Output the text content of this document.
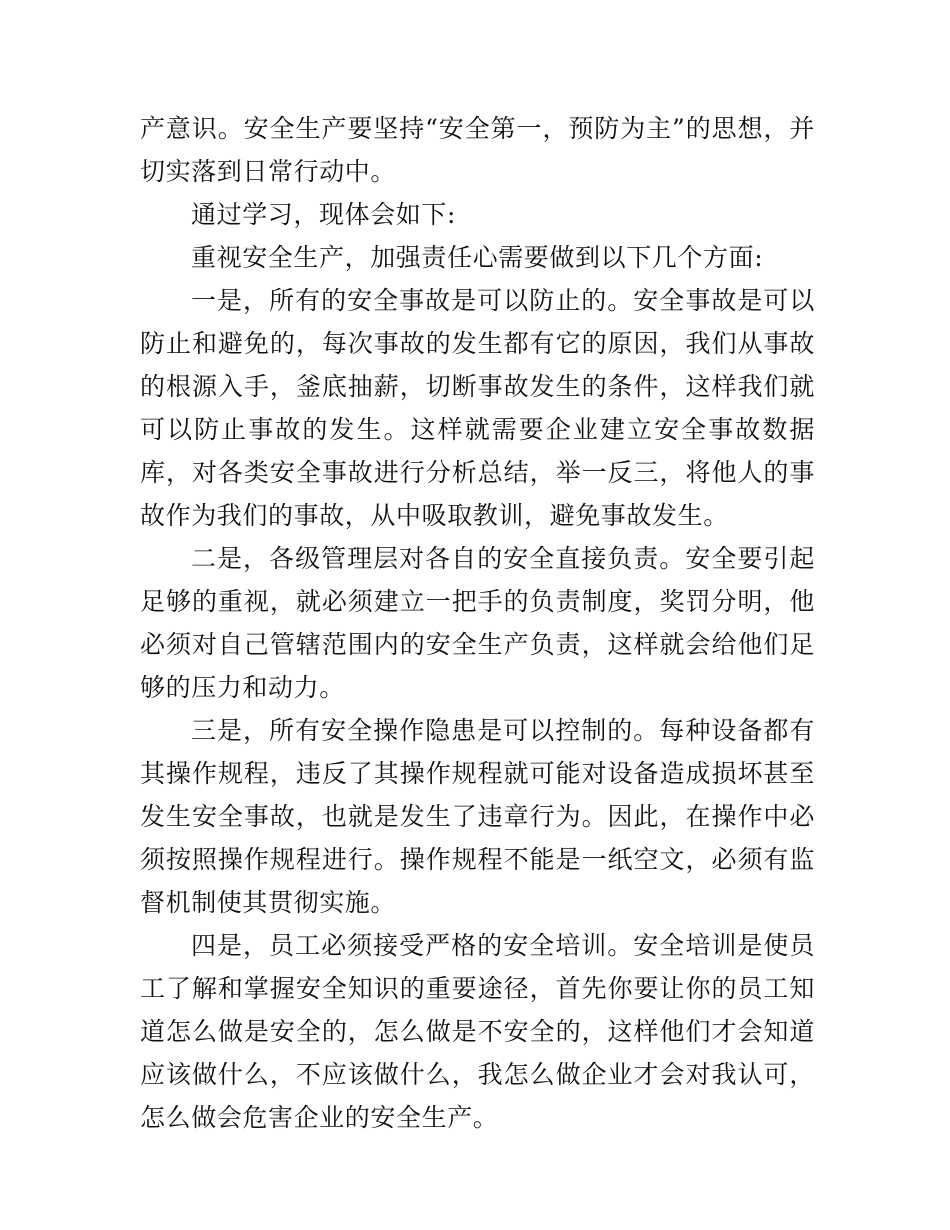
产意识。安全生产要坚持“安全第一，预防为主”的思想，并切实落到日常行动中。

通过学习，现体会如下:

重视安全生产，加强责任心需要做到以下几个方面:

一是，所有的安全事故是可以防止的。安全事故是可以防止和避免的，每次事故的发生都有它的原因，我们从事故的根源入手，釜底抽薪，切断事故发生的条件，这样我们就可以防止事故的发生。这样就需要企业建立安全事故数据库，对各类安全事故进行分析总结，举一反三，将他人的事故作为我们的事故，从中吸取教训，避免事故发生。

二是，各级管理层对各自的安全直接负责。安全要引起足够的重视，就必须建立一把手的负责制度，奖罚分明，他必须对自己管辖范围内的安全生产负责，这样就会给他们足够的压力和动力。

三是，所有安全操作隐患是可以控制的。每种设备都有其操作规程，违反了其操作规程就可能对设备造成损坏甚至发生安全事故，也就是发生了违章行为。因此，在操作中必须按照操作规程进行。操作规程不能是一纸空文，必须有监督机制使其贯彻实施。

四是，员工必须接受严格的安全培训。安全培训是使员工了解和掌握安全知识的重要途径，首先你要让你的员工知道怎么做是安全的，怎么做是不安全的，这样他们才会知道应该做什么，不应该做什么，我怎么做企业才会对我认可，怎么做会危害企业的安全生产。
